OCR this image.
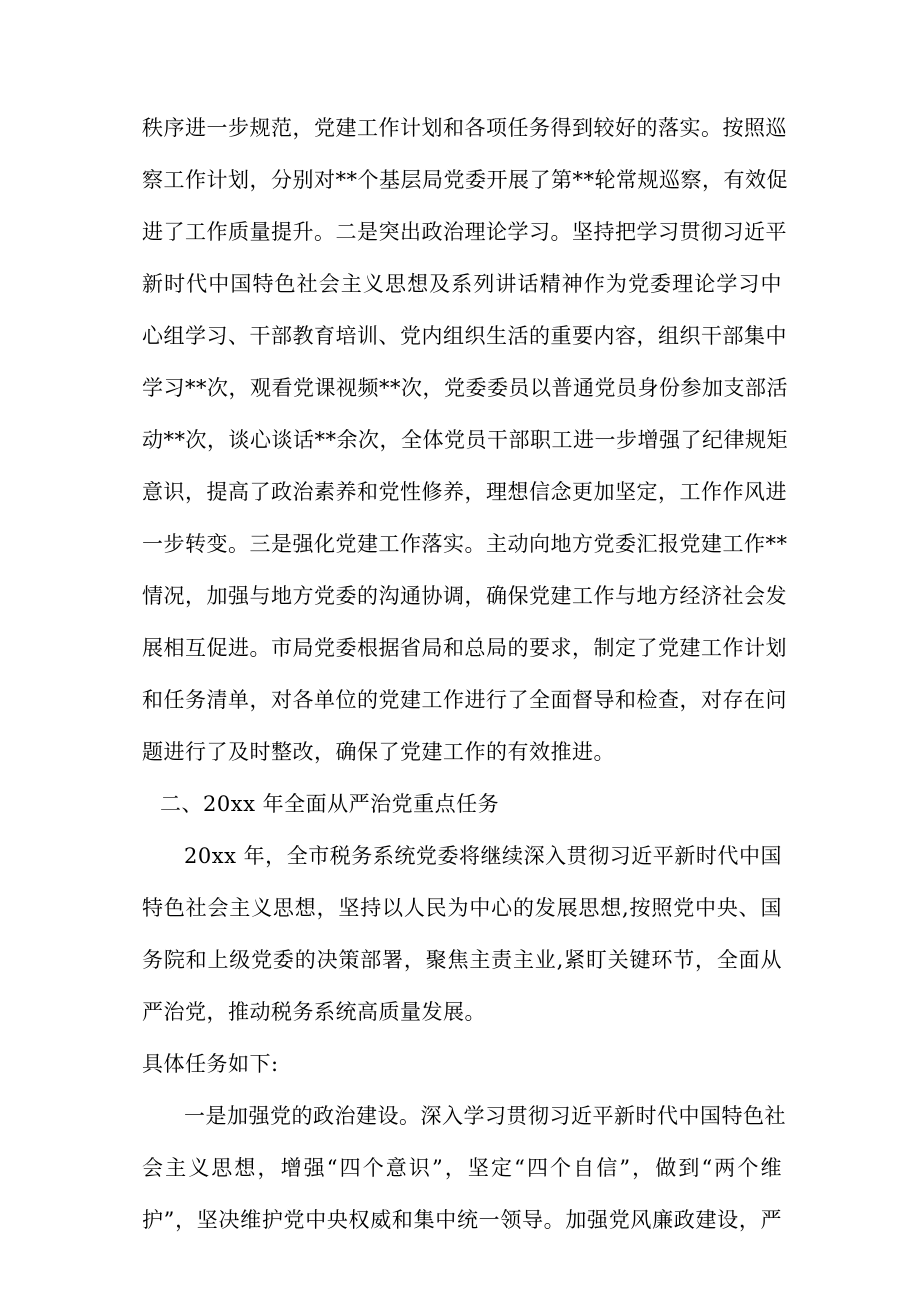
秩序进一步规范，党建工作计划和各项任务得到较好的落实。按照巡
察工作计划，分别对**个基层局党委开展了第**轮常规巡察，有效促
进了工作质量提升。二是突出政治理论学习。坚持把学习贯彻习近平
新时代中国特色社会主义思想及系列讲话精神作为党委理论学习中
心组学习、干部教育培训、党内组织生活的重要内容，组织干部集中
学习**次，观看党课视频**次，党委委员以普通党员身份参加支部活
动**次，谈心谈话**余次，全体党员干部职工进一步增强了纪律规矩
意识，提高了政治素养和党性修养，理想信念更加坚定，工作作风进
一步转变。三是强化党建工作落实。主动向地方党委汇报党建工作**
情况，加强与地方党委的沟通协调，确保党建工作与地方经济社会发
展相互促进。市局党委根据省局和总局的要求，制定了党建工作计划
和任务清单，对各单位的党建工作进行了全面督导和检查，对存在问
题进行了及时整改，确保了党建工作的有效推进。
二、20xx 年全面从严治党重点任务
20xx 年，全市税务系统党委将继续深入贯彻习近平新时代中国
特色社会主义思想，坚持以人民为中心的发展思想,按照党中央、国
务院和上级党委的决策部署，聚焦主责主业,紧盯关键环节，全面从
严治党，推动税务系统高质量发展。
具体任务如下:
一是加强党的政治建设。深入学习贯彻习近平新时代中国特色社
会主义思想，增强“四个意识”，坚定“四个自信”，做到“两个维
护”，坚决维护党中央权威和集中统一领导。加强党风廉政建设，严
